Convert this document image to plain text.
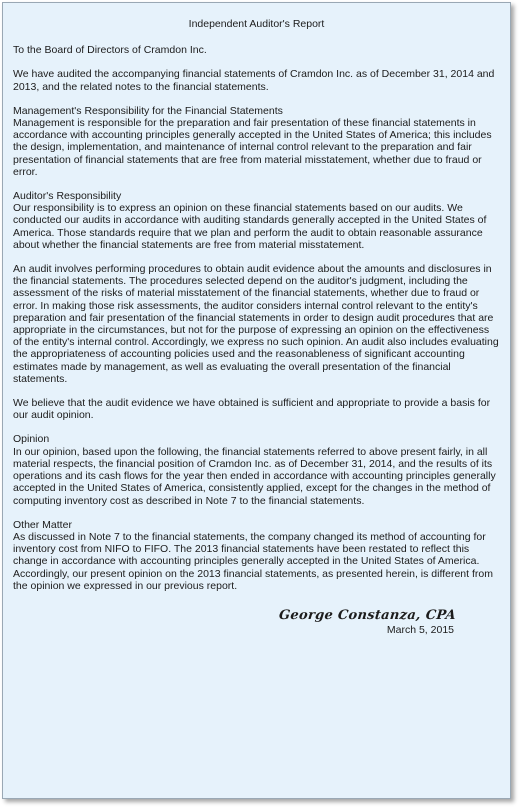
Independent Auditor's Report

To the Board of Directors of Cramdon Inc.

We have audited the accompanying financial statements of Cramdon Inc. as of December 31, 2014 and 2013, and the related notes to the financial statements.

Management's Responsibility for the Financial Statements
Management is responsible for the preparation and fair presentation of these financial statements in accordance with accounting principles generally accepted in the United States of America; this includes the design, implementation, and maintenance of internal control relevant to the preparation and fair presentation of financial statements that are free from material misstatement, whether due to fraud or error.

Auditor's Responsibility
Our responsibility is to express an opinion on these financial statements based on our audits. We conducted our audits in accordance with auditing standards generally accepted in the United States of America. Those standards require that we plan and perform the audit to obtain reasonable assurance about whether the financial statements are free from material misstatement.

An audit involves performing procedures to obtain audit evidence about the amounts and disclosures in the financial statements. The procedures selected depend on the auditor's judgment, including the assessment of the risks of material misstatement of the financial statements, whether due to fraud or error. In making those risk assessments, the auditor considers internal control relevant to the entity's preparation and fair presentation of the financial statements in order to design audit procedures that are appropriate in the circumstances, but not for the purpose of expressing an opinion on the effectiveness of the entity's internal control. Accordingly, we express no such opinion. An audit also includes evaluating the appropriateness of accounting policies used and the reasonableness of significant accounting estimates made by management, as well as evaluating the overall presentation of the financial statements.

We believe that the audit evidence we have obtained is sufficient and appropriate to provide a basis for our audit opinion.

Opinion
In our opinion, based upon the following, the financial statements referred to above present fairly, in all material respects, the financial position of Cramdon Inc. as of December 31, 2014, and the results of its operations and its cash flows for the year then ended in accordance with accounting principles generally accepted in the United States of America, consistently applied, except for the changes in the method of computing inventory cost as described in Note 7 to the financial statements.

Other Matter
As discussed in Note 7 to the financial statements, the company changed its method of accounting for inventory cost from NIFO to FIFO. The 2013 financial statements have been restated to reflect this change in accordance with accounting principles generally accepted in the United States of America. Accordingly, our present opinion on the 2013 financial statements, as presented herein, is different from the opinion we expressed in our previous report.

George Constanza, CPA
March 5, 2015
